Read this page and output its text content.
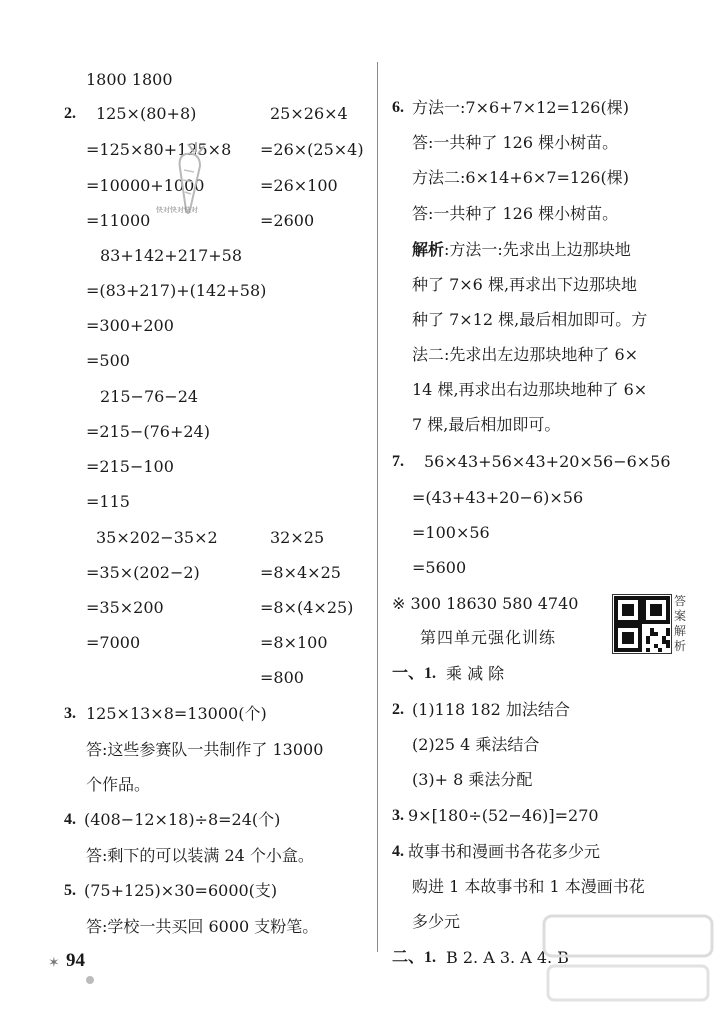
1800 1800
2. 125×(80+8)	25×26×4
=125×80+125×8 =26×(25×4)
=10000+1000	=26×100
=11000	=2600
83+142+217+58
=(83+217)+(142+58)
=300+200
=500
215−76−24
=215−(76+24)
=215−100
=115
35×202−35×2	32×25
=35×(202−2)	=8×4×25
=35×200	=8×(4×25)
=7000	=8×100
=800
3. 125×13×8=13000(个)
答:这些参赛队一共制作了 13000
个作品。
4. (408−12×18)÷8=24(个)
答:剩下的可以装满 24 个小盒。
5. (75+125)×30=6000(支)
答:学校一共买回 6000 支粉笔。
快对快对快对
6. 方法一:7×6+7×12=126(棵)
答:一共种了 126 棵小树苗。
方法二:6×14+6×7=126(棵)
答:一共种了 126 棵小树苗。
解析:方法一:先求出上边那块地
种了 7×6 棵,再求出下边那块地
种了 7×12 棵,最后相加即可。方
法二:先求出左边那块地种了 6×
14 棵,再求出右边那块地种了 6×
7 棵,最后相加即可。
7. 56×43+56×43+20×56−6×56
=(43+43+20−6)×56
=100×56
=5600
※ 300 18630 580 4740
第四单元强化训练
答案解析
一、1. 乘 减 除
2. (1)118 182 加法结合
(2)25 4 乘法结合
(3)+ 8 乘法分配
3. 9×[180÷(52−46)]=270
4. 故事书和漫画书各花多少元
购进 1 本故事书和 1 本漫画书花
多少元
二、1. B 2. A 3. A 4. B
✶ 94
